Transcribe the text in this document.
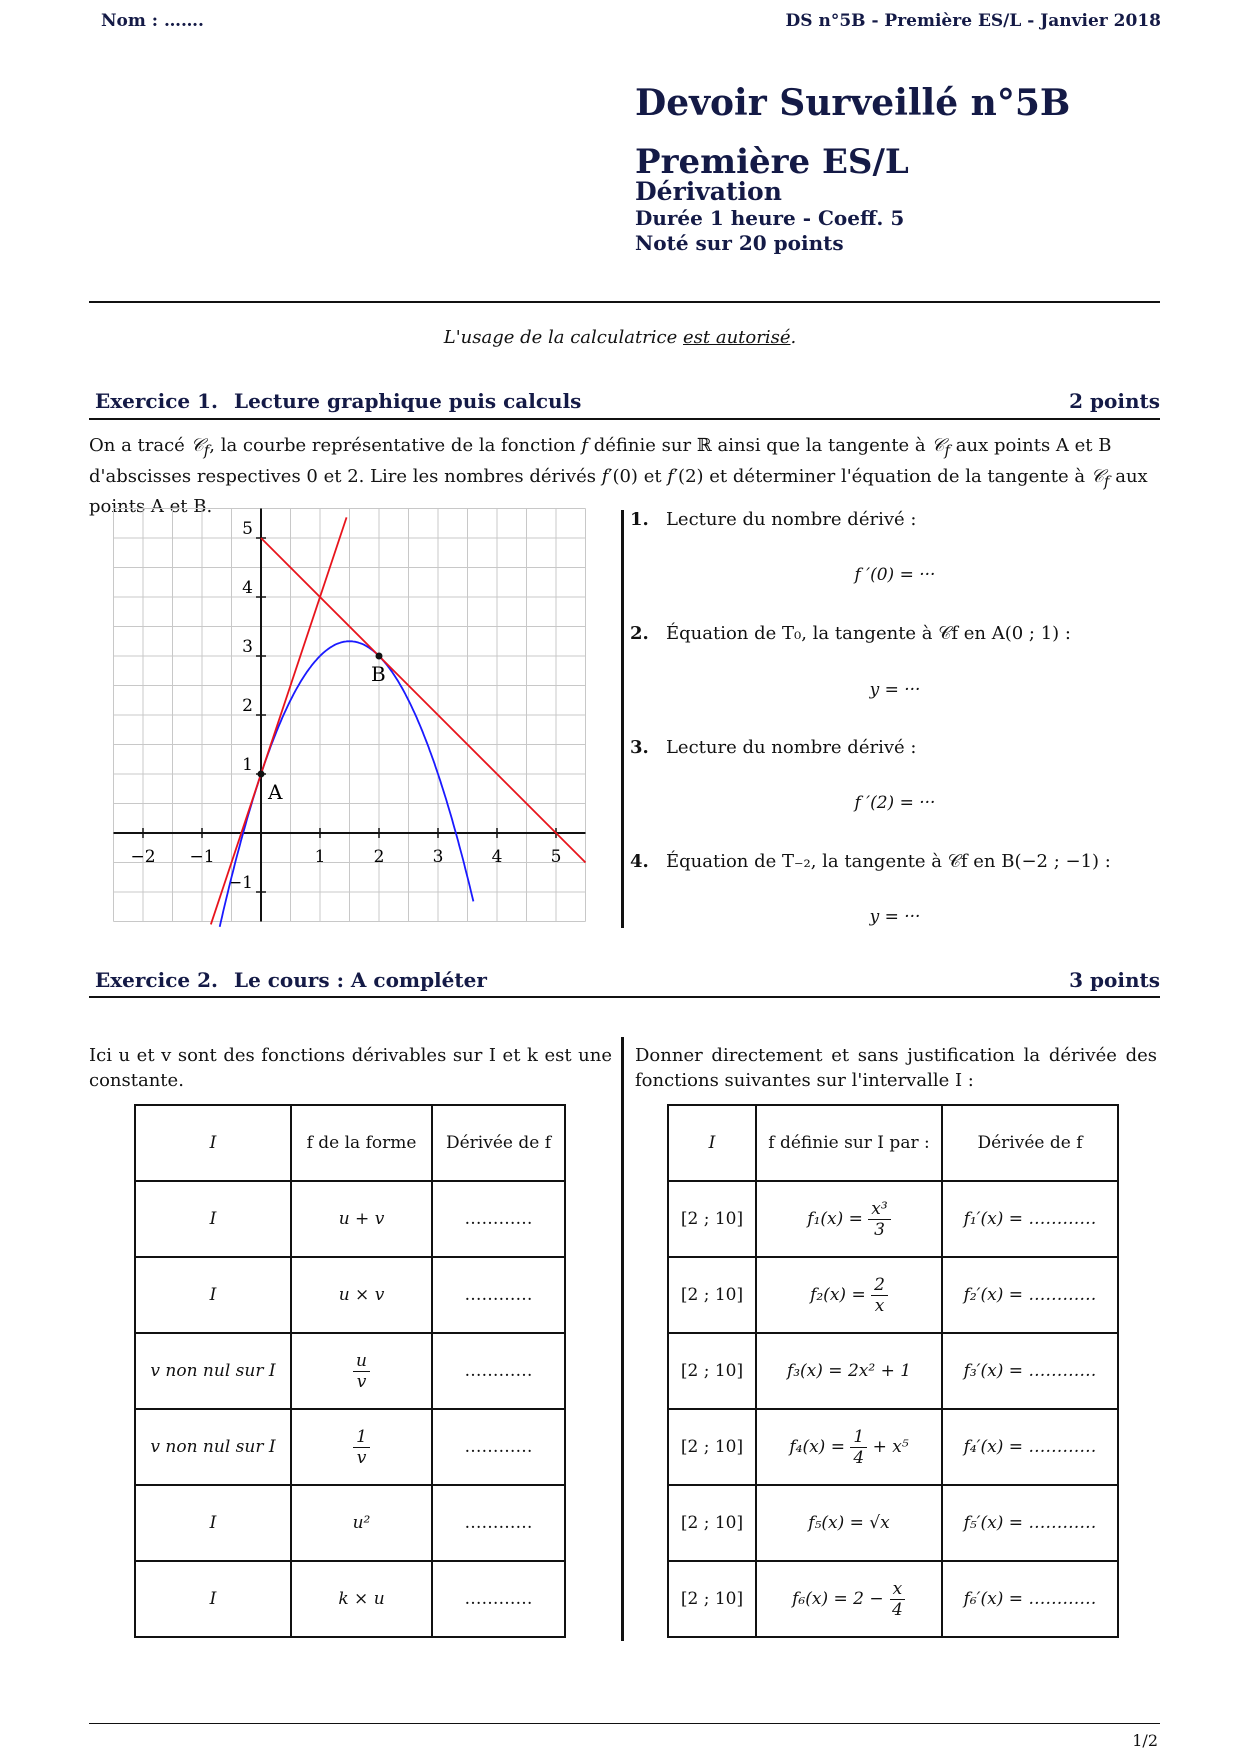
Nom : …….	DS n°5B - Première ES/L - Janvier 2018
Devoir Surveillé n°5B
Première ES/L
Dérivation
Durée 1 heure - Coeff. 5
Noté sur 20 points
L'usage de la calculatrice est autorisé.
Exercice 1. Lecture graphique puis calculs	2 points
On a tracé 𝒞$_f$, la courbe représentative de la fonction f définie sur ℝ ainsi que la tangente à 𝒞$_f$ aux points A et B d'abscisses respectives 0 et 2. Lire les nombres dérivés f′(0) et f′(2) et déterminer l'équation de la tangente à 𝒞$_f$ aux points A et B.
−2 −1	1	2	3	4	5
−1
1
2
3
4
5
A
B
1. Lecture du nombre dérivé :
f ′(0) = ···
2. Équation de T₀, la tangente à 𝒞f en A(0 ; 1) :
y = ···
3. Lecture du nombre dérivé :
f ′(2) = ···
4. Équation de T₋₂, la tangente à 𝒞f en B(−2 ; −1) :
y = ···
Exercice 2. Le cours : A compléter	3 points
Ici u et v sont des fonctions dérivables sur I et k est une constante.
Donner directement et sans justification la dérivée des fonctions suivantes sur l'intervalle I :
I	f de la forme	Dérivée de f
I	u + v	…………
I	u × v	…………
v non nul sur I	$\frac{u}{v}$	…………
v non nul sur I	$\frac{1}{v}$	…………
I	u²	…………
I	k × u	…………
I	f définie sur I par :	Dérivée de f
[2 ; 10]	$f_1(x) = \frac{\text{x³}}{3}$	f₁′(x) = …………
[2 ; 10]	$f_2(x) = \frac{2}{x}$	f₂′(x) = …………
[2 ; 10]	f₃(x) = 2x² + 1	f₃′(x) = …………
[2 ; 10]	$f_4(x) = \frac{1}{4} + x^5$	f₄′(x) = …………
[2 ; 10]	f₅(x) = √x	f₅′(x) = …………
[2 ; 10]	$f_6(x) = 2 - \frac{x}{4}$	f₆′(x) = …………
1/2
